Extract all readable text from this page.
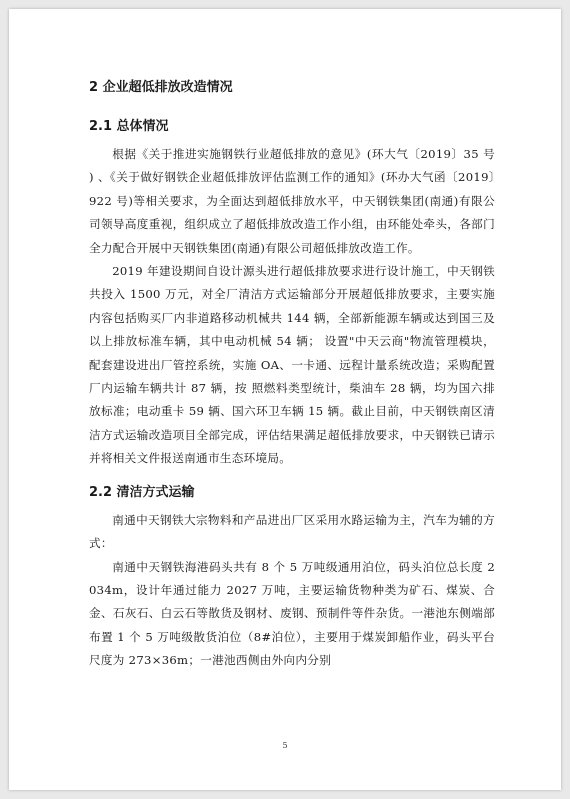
2 企业超低排放改造情况
2.1 总体情况

根据《关于推进实施钢铁行业超低排放的意见》(环大气〔2019〕35 号 ) 、《关于做好钢铁企业超低排放评估监测工作的通知》(环办大气函〔2019〕922 号)等相关要求，为全面达到超低排放水平，中天钢铁集团(南通)有限公司领导高度重视，组织成立了超低排放改造工作小组，由环能处牵头，各部门全力配合开展中天钢铁集团(南通)有限公司超低排放改造工作。

2019 年建设期间自设计源头进行超低排放要求进行设计施工，中天钢铁共投入 1500 万元，对全厂清洁方式运输部分开展超低排放要求，主要实施内容包括购买厂内非道路移动机械共 144 辆，全部新能源车辆或达到国三及以上排放标准车辆，其中电动机械 54 辆； 设置"中天云商"物流管理模块，配套建设进出厂管控系统，实施 OA、一卡通、远程计量系统改造；采购配置厂内运输车辆共计 87 辆，按 照燃料类型统计，柴油车 28 辆，均为国六排放标准；电动重卡 59 辆、国六环卫车辆 15 辆。截止目前，中天钢铁南区清洁方式运输改造项目全部完成，评估结果满足超低排放要求，中天钢铁已请示并将相关文件报送南通市生态环境局。

2.2 清洁方式运输

南通中天钢铁大宗物料和产品进出厂区采用水路运输为主，汽车为辅的方式：

南通中天钢铁海港码头共有 8 个 5 万吨级通用泊位，码头泊位总长度 2034m，设计年通过能力 2027 万吨，主要运输货物种类为矿石、煤炭、合金、石灰石、白云石等散货及钢材、废钢、预制件等件杂货。一港池东侧端部布置 1 个 5 万吨级散货泊位（8#泊位），主要用于煤炭卸船作业，码头平台尺度为 273×36m；一港池西侧由外向内分别

5
